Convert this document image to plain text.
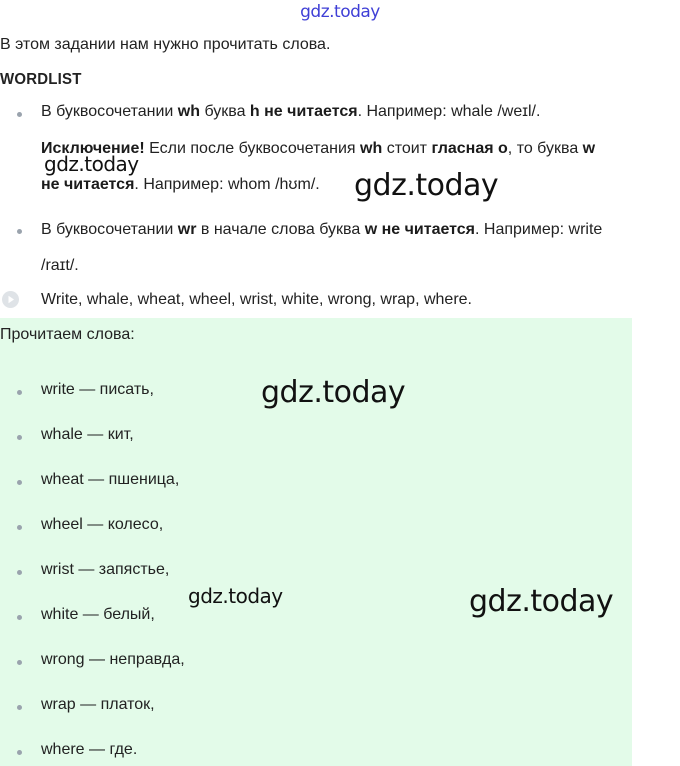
gdz.today
В этом задании нам нужно прочитать слова.
WORDLIST
В буквосочетании wh буква h не читается. Например: whale /weɪl/.
Исключение! Если после буквосочетания wh стоит гласная о, то буква w
не читается. Например: whom /hʊm/.
В буквосочетании wr в начале слова буква w не читается. Например: write
/raɪt/.
Write, whale, wheat, wheel, wrist, white, wrong, wrap, where.
Прочитаем слова:
write — писать,
whale — кит,
wheat — пшеница,
wheel — колесо,
wrist — запястье,
white — белый,
wrong — неправда,
wrap — платок,
where — где.
gdz.today
gdz.today
gdz.today
gdz.today	gdz.today
